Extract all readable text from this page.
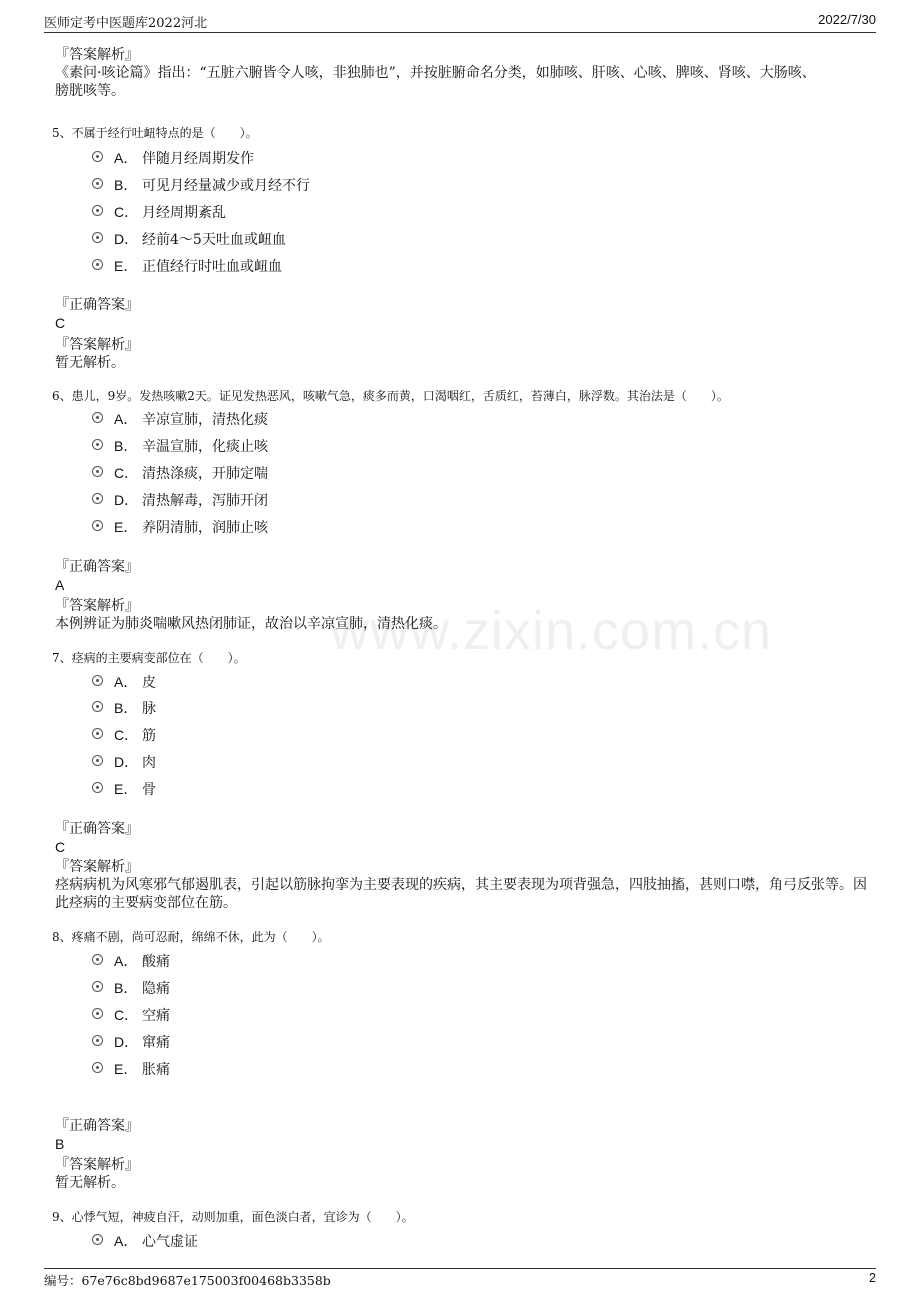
医师定考中医题库2022河北	2022/7/30
『答案解析』
《素问·咳论篇》指出：“五脏六腑皆令人咳，非独肺也”，并按脏腑命名分类，如肺咳、肝咳、心咳、脾咳、肾咳、大肠咳、
膀胱咳等。
5、不属于经行吐衄特点的是（　　）。
A． 伴随月经周期发作
B． 可见月经量减少或月经不行
C． 月经周期紊乱
D． 经前4～5天吐血或衄血
E． 正值经行时吐血或衄血
『正确答案』
C
『答案解析』
暂无解析。
6、患儿，9岁。发热咳嗽2天。证见发热恶风，咳嗽气急，痰多而黄，口渴咽红，舌质红，苔薄白，脉浮数。其治法是（　　）。
A． 辛凉宣肺，清热化痰
B． 辛温宣肺，化痰止咳
C． 清热涤痰，开肺定喘
D． 清热解毒，泻肺开闭
E． 养阴清肺，润肺止咳
『正确答案』
A
『答案解析』
本例辨证为肺炎喘嗽风热闭肺证，故治以辛凉宣肺，清热化痰。
7、痉病的主要病变部位在（　　）。
A． 皮
B． 脉
C． 筋
D． 肉
E． 骨
『正确答案』
C
『答案解析』
痉病病机为风寒邪气郁遏肌表，引起以筋脉拘挛为主要表现的疾病，其主要表现为项背强急，四肢抽搐，甚则口噤，角弓反张等。因此痉病的主要病变部位在筋。
8、疼痛不剧，尚可忍耐，绵绵不休，此为（　　）。
A． 酸痛
B． 隐痛
C． 空痛
D． 窜痛
E． 胀痛
『正确答案』
B
『答案解析』
暂无解析。
9、心悸气短，神疲自汗，动则加重，面色淡白者，宜诊为（　　）。
A． 心气虚证
www.zixin.com.cn
编号：67e76c8bd9687e175003f00468b3358b	2
